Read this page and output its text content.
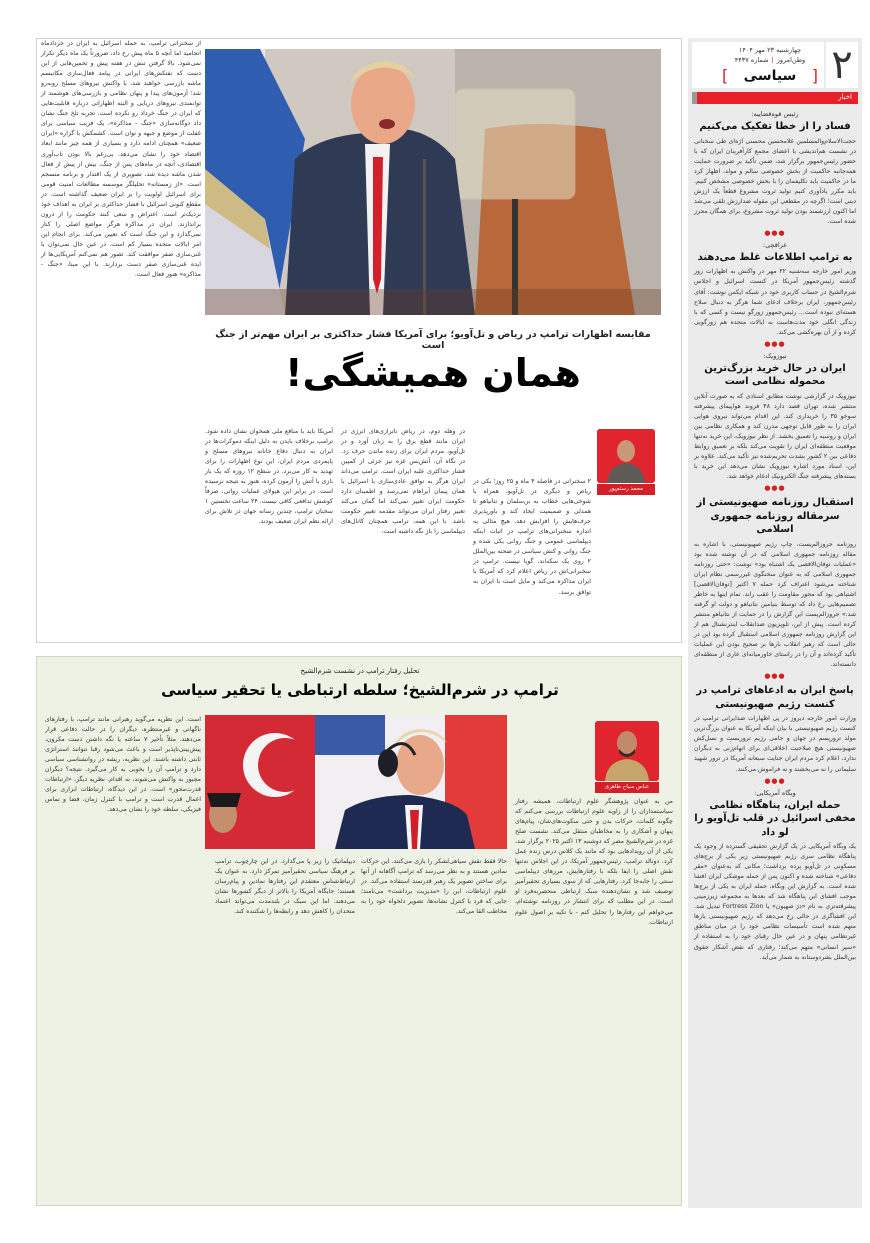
چهارشنبه ۲۳ مهر ۱۴۰۴
وطن‌امروز|شماره ۴۴۳۷
[
سیاسی
]	۲
اخبار
رئیس قوه‌قضاییه:
فساد را از خطا تفکیک می‌کنیم
حجت‌الاسلام‌والمسلمین غلامحسین محسنی اژه‌ای طی سخنانی در نشست هم‌اندیشی با اعضای مجمع کارآفرینان ایران که با حضور رئیس‌جمهور برگزار شد، ضمن تأکید بر ضرورت حمایت همه‌جانبه حاکمیت از بخش خصوصی سالم و مولد، اظهار کرد ما در حاکمیت باید تکلیفمان را با بخش خصوصی مشخص کنیم. باید مکرر یادآوری کنیم تولید ثروت مشروع قطعاً یک ارزش دینی است؛ اگرچه در مقطعی این مقوله ضدارزش تلقی می‌شد اما اکنون ارزشمند بودن تولید ثروت مشروع، برای همگان محرز شده است.
●●●
عراقچی:
به ترامپ اطلاعات غلط می‌دهند
وزیر امور خارجه سه‌شنبه ۲۲ مهر در واکنش به اظهارات روز گذشته رئیس‌جمهور آمریکا در کنست اسرائیل و اجلاس شرم‌الشیخ در حساب کاربری خود در شبکه ایکس نوشت: آقای رئیس‌جمهور، ایران برخلاف ادعای شما هرگز به دنبال سلاح هسته‌ای نبوده است... رئیس‌جمهور زورگو نیست و کسی که با زندگی انگلی خود مدت‌هاست به ایالات متحده هم زورگویی کرده و از آن بهره‌کشی می‌کند.
●●●
نیوزویک:
ایران در حال خرید بزرگ‌ترین محموله نظامی است
نیوزویک در گزارشی نوشت مطابق اسنادی که به صورت آنلاین منتشر شده، تهران قصد دارد ۴۸ فروند هواپیمای پیشرفته سوخو ۳۵ را خریداری کند. این اقدام می‌تواند نیروی هوایی ایران را به طور قابل توجهی مدرن کند و همکاری نظامی بین ایران و روسیه را تعمیق بخشد. از نظر نیوزویک، این خرید نه‌تنها موقعیت منطقه‌ای ایران را تقویت می‌کند بلکه بر تعمیق روابط دفاعی بین ۲ کشور بشدت تحریم‌شده نیز تأکید می‌کند. علاوه بر این، اسناد مورد اشاره نیوزویک نشان می‌دهد این خرید با بسته‌های پیشرفته جنگ الکترونیک ادغام خواهد شد.
●●●
استقبال روزنامه صهیونیستی از سرمقاله روزنامه جمهوری اسلامی
روزنامه جروزالم‌پست، چاپ رژیم صهیونیستی، با اشاره به مقاله روزنامه جمهوری اسلامی که در آن نوشته شده بود «عملیات توفان‌الاقصی یک اشتباه بود» نوشت: «حتی روزنامه جمهوری اسلامی که به عنوان سخنگوی غیررسمی نظام ایران شناخته می‌شود اعتراف کرد حمله ۷ اکتبر [توفان‌الاقصی] اشتباهی بود که محور مقاومت را عقب راند. تمام اینها به خاطر تصمیم‌هایی رخ داد که توسط بنیامین نتانیاهو و دولت او گرفته شد.» جروزالم‌پست این گزارش را در حمایت از نتانیاهو منتشر کرده است. پیش از این، تلویزیون ضدانقلاب اینترنشنال هم از این گزارش روزنامه جمهوری اسلامی استقبال کرده بود این در حالی است که رهبر انقلاب بارها بر صحیح بودن این عملیات تأکید کرده‌اند و آن را در راستای خاورمیانه‌ای عاری از منطقه‌ای دانسته‌اند.
●●●
پاسخ ایران به ادعاهای ترامپ در کنست رژیم صهیونیستی
وزارت امور خارجه دیروز در پی اظهارات ضدایرانی ترامپ در کنست رژیم صهیونیستی با بیان اینکه آمریکا به عنوان بزرگ‌ترین مولد تروریسم در جهان و حامی رژیم تروریست و نسل‌کش صهیونیستی هیچ صلاحیت اخلاقی‌ای برای اتهام‌زنی به دیگران ندارد، اعلام کرد مردم ایران جنایت سبعانه آمریکا در ترور شهید سلیمانی را نه می‌بخشند و نه فراموش می‌کنند.
●●●
وبگاه آمریکایی:
حمله ایران، پناهگاه نظامی مخفی اسرائیل در قلب تل‌آویو را لو داد
یک وبگاه آمریکایی در یک گزارش تحقیقی گسترده از وجود یک پناهگاه نظامی سری رژیم صهیونیستی زیر یکی از برج‌های مسکونی در تل‌آویو پرده برداشت؛ مکانی که به‌عنوان «مقر دفاعی» شناخته شده و اکنون پس از حمله موشکی ایران افشا شده است. به گزارش این وبگاه، حمله ایران به یکی از برج‌ها موجب افشای این پناهگاه شد که بعدها به مجموعه زیرزمینی پیشرفته‌تری به نام «دژ صهیون» یا Fortress Zion تبدیل شد. این افشاگری در حالی رخ می‌دهد که رژیم صهیونیستی بارها متهم شده است تأسیسات نظامی خود را در میان مناطق غیرنظامی پنهان و در عین حال رقبای خود را به استفاده از «سپر انسانی» متهم می‌کند؛ رفتاری که نقض آشکار حقوق بین‌الملل بشردوستانه به شمار می‌آید.
از سخنرانی ترامپ، به حمله اسرائیل به ایران در خردادماه انجامید اما آنچه ۵ ماه پیش رخ داد، ضرورتاً یک ماه دیگر تکرار نمی‌شود. بالا گرفتن تنش در هفته پیش و تخمین‌هایی از این دست که نفتکش‌های ایرانی در پیامد فعال‌سازی مکانیسم ماشه بازرسی خواهند شد، با واکنش نیروهای مسلح روبه‌رو شد؛ آزمون‌های پیدا و پنهان نظامی و بازرسی‌های هوشمند از توانمندی نیروهای دریایی و البته اظهاراتی درباره قابلیت‌هایی که ایران در جنگ خرداد رو نکرده است. تجربه تلخ جنگ نشان داد دوگانه‌سازی «جنگ - مذاکره»، یک فریب سیاسی برای غفلت از موضع و جبهه و توان است. کشمکش با گزاره «ایران ضعیف» همچنان ادامه دارد و بسیاری از همه چیز مانند ابعاد اقتصاد خود را نشان می‌دهد. بی‌رغم بالا بودن تاب‌آوری اقتصادی، آنچه در ماه‌های پس از جنگ، بیش از پیش از فعال شدن ماشه دیده شد، تصویری از یک اقتدار و برنامه منسجم است. «از زمستانه» تحلیلگر موسسه مطالعات امنیت قومی برای اسرائیل اولویت را بر ایران ضعیف گذاشته است. در مقطع کنونی اسرائیل با فشار حداکثری بر ایران به اهداف خود نزدیک‌تر است. اعتراض و سعی کنند حکومت را از درون براندازند. ایران در مذاکره هرگز مواضع اصلی را کنار نمی‌گذارد و این جنگ است که تعیین می‌کند. برای انجام این امر ایالات متحده بسیار کم است. در عین حال نمی‌توان با غنی‌سازی صفر موافقت کند. تصور هم نمی‌کنم آمریکایی‌ها از ایده غنی‌سازی صفر دست بردارند. با این مبنا، «جنگ - مذاکره» هنوز فعال است.
مقایسه اظهارات ترامپ در ریاض و تل‌آویو؛ برای آمریکا فشار حداکثری بر ایران مهم‌تر از جنگ است
همان همیشگی!
محمد رستم‌پور
۲ سخنرانی در فاصله ۴ ماه و ۲۵ روز؛ یکی در ریاض و دیگری در تل‌آویو، همراه با شوخی‌هایی خطاب به بن‌سلمان و نتانیاهو تا همدلی و صمیمیت ایجاد کند و باورپذیری حرف‌هایش را افزایش دهد. هیچ مثالی به اندازه سخنرانی‌های ترامپ در اثبات اینکه دیپلماسی عمومی و جنگ روانی یکی شده و جنگ روانی و کنش سیاسی در صحنه بین‌الملل ۲ روی یک سکه‌اند، گویا نیست. ترامپ در سخنرانی‌اش در ریاض اعلام کرد که آمریکا با ایران مذاکره می‌کند و مایل است با ایران به توافق برسد.
در وهله دوم، در ریاض ناترازی‌های انرژی در ایران مانند قطع برق را به زبان آورد و در تل‌آویو، مردم ایران برای زنده ماندن حرف زد. در نگاه آن، آتش‌بس غزه نیز جزئی از کمپین فشار حداکثری علیه ایران است. ترامپ می‌داند ایران هرگز به توافق عادی‌سازی با اسرائیل با همان پیمان آبراهام نمی‌رسد و اطمینان دارد حکومت ایران تغییر نمی‌کند اما گمان می‌کند تغییر رفتار ایران می‌تواند مقدمه تغییر حکومت باشد. با این همه، ترامپ همچنان کانال‌های دیپلماسی را باز نگه داشته است.
آمریکا باید با منافع ملی همخوان نشان داده شود. ترامپ برخلاف بایدن به دلیل اینکه دموکرات‌ها در ایران به دنبال دفاع جانانه نیروهای مسلح و پایمردی مردم ایران، این نوع اظهارات را برای تهدید به کار می‌برد. در سطح ۱۲ روزه که یک بار بازی با آتش را آزمون کرده، هنوز به نتیجه نرسیده است. در برابر این هیولای عملیات روانی، صرفاً کوشش تدافعی کافی نیست. ۲۴ ساعت نخستین ۱ سخنان ترامپ، چندین رسانه جهان در تلاش برای ارائه نظم ایران ضعیف بودند.
تحلیل رفتار ترامپ در نشست شرم‌الشیخ
ترامپ در شرم‌الشیخ؛ سلطه ارتباطی یا تحقیر سیاسی
عباس سیاح طاهری
من به عنوان پژوهشگر علوم ارتباطات، همیشه رفتار سیاستمداران را از زاویه علوم ارتباطات بررسی می‌کنم که چگونه کلمات، حرکات بدن و حتی سکوت‌های‌شان، پیام‌های پنهان و آشکاری را به مخاطبان منتقل می‌کند. نشست صلح غزه در شرم‌الشیخ مصر که دوشنبه ۱۳ اکتبر ۲۰۲۵ برگزار شد، یکی از آن رویدادهایی بود که مانند یک کلاس درس زنده عمل کرد. دونالد ترامپ، رئیس‌جمهور آمریکا، در این اجلاس نه‌تنها نقش اصلی را ایفا بلکه با رفتارهایش، مرزهای دیپلماسی سنتی را جابه‌جا کرد. رفتارهایی که از سوی بسیاری تحقیرآمیز توصیف شد و نشان‌دهنده سبک ارتباطی منحصربه‌فرد او است. در این مطلب که برای انتشار در روزنامه نوشته‌ام، می‌خواهم این رفتارها را تحلیل کنم - با تکیه بر اصول علوم ارتباطات.
است. این نظریه می‌گوید رهبرانی مانند ترامپ، با رفتارهای ناگهانی و غیرمنتظره، دیگران را در حالت دفاعی قرار می‌دهند. مثلاً تأخیر ۷ ساعته یا نگه داشتن دست مکرون، پیش‌بینی‌ناپذیر است و باعث می‌شود رقبا نتوانند استراتژی ثابتی داشته باشند. این نظریه، ریشه در روانشناسی سیاسی دارد و ترامپ آن را بخوبی به کار می‌گیرد. نتیجه؟ دیگران مجبور به واکنش می‌شوند، نه اقدام. نظریه دیگر، «ارتباطات قدرت‌محور» است. در این دیدگاه، ارتباطات ابزاری برای اعمال قدرت است و ترامپ با کنترل زمان، فضا و تماس فیزیکی، سلطه خود را نشان می‌دهد.
دیپلماتیک را زیر پا می‌گذارد. در این چارچوب، ترامپ بر فرهنگ سیاسی تحقیرآمیز تمرکز دارد. به عنوان یک ارتباط‌شناس معتقدم این رفتارها نمادین و پیام‌رسان هستند؛ جایگاه آمریکا را بالاتر از دیگر کشورها نشان می‌دهند. اما این سبک در بلندمدت می‌تواند اعتماد متحدان را کاهش دهد و رابطه‌ها را شکننده کند.
حالا فقط نقش سیاهی‌لشکر را بازی می‌کنند. این حرکات نمادین هستند و به نظر می‌رسد که ترامپ آگاهانه از آنها برای ساختن تصویر یک رهبر قدرتمند استفاده می‌کند. در علوم ارتباطات، این را «مدیریت برداشت» می‌نامند؛ جایی که فرد با کنترل نشانه‌ها، تصویر دلخواه خود را به مخاطب القا می‌کند.
